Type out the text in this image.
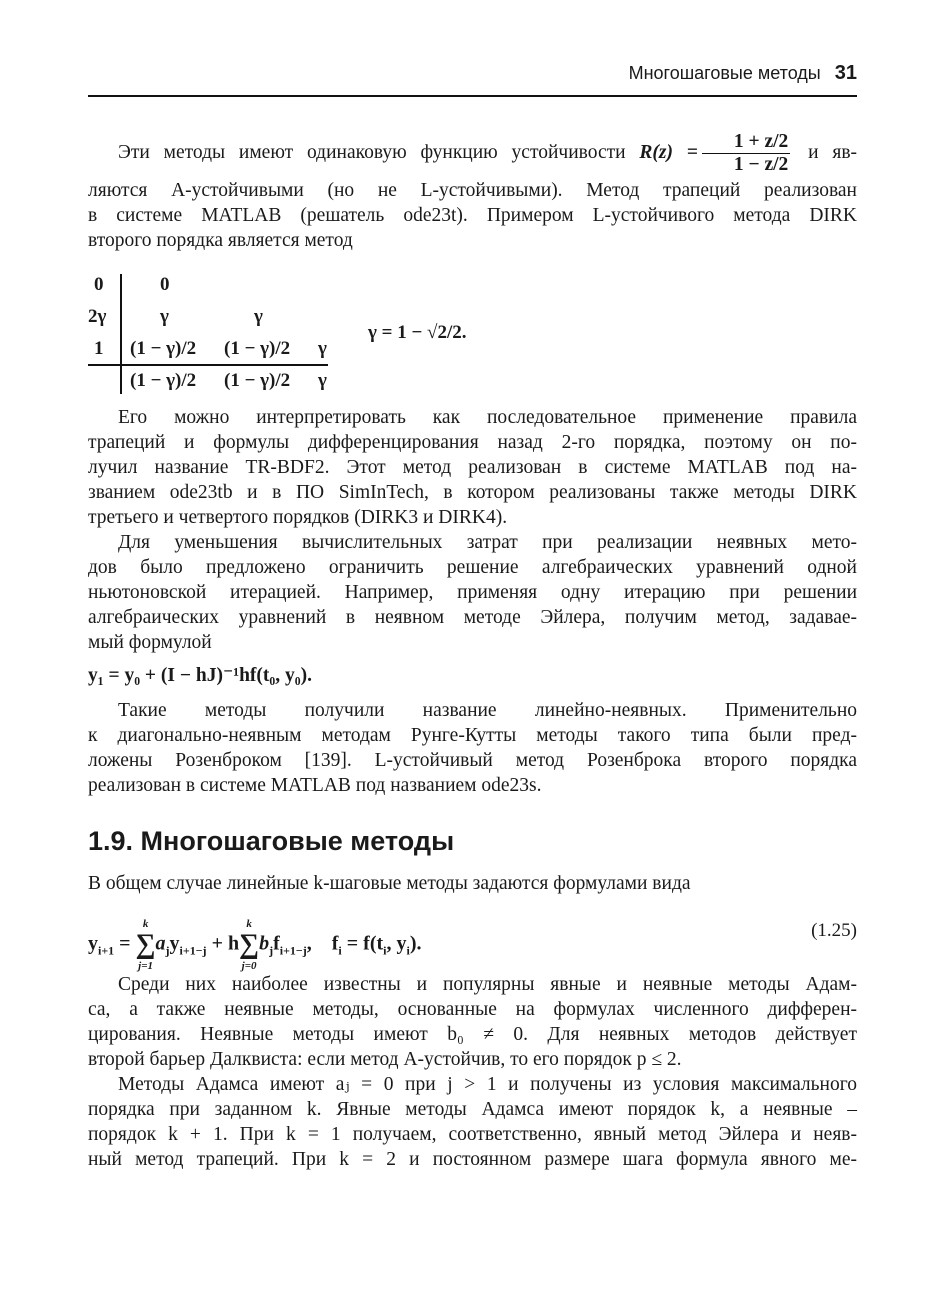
Многошаговые методы 31
Эти методы имеют одинаковую функцию устойчивости $R(z) = \frac{1 + z/2}{1 - z/2}$ и яв-
ляются A-устойчивыми (но не L-устойчивыми). Метод трапеций реализован
в системе MATLAB (решатель ode23t). Примером L-устойчивого метода DIRK
второго порядка является метод
0
2γ
1
0
γ	γ
(1 − γ)/2 (1 − γ)/2 γ
(1 − γ)/2 (1 − γ)/2 γ
γ = 1 − √2/2.
Его можно интерпретировать как последовательное применение правила
трапеций и формулы дифференцирования назад 2-го порядка, поэтому он по-
лучил название TR-BDF2. Этот метод реализован в системе MATLAB под на-
званием ode23tb и в ПО SimInTech, в котором реализованы также методы DIRK
третьего и четвертого порядков (DIRK3 и DIRK4).
Для уменьшения вычислительных затрат при реализации неявных мето-
дов было предложено ограничить решение алгебраических уравнений одной
ньютоновской итерацией. Например, применяя одну итерацию при решении
алгебраических уравнений в неявном методе Эйлера, получим метод, задавае-
мый формулой
y₁ = y₀ + (I − hJ)⁻¹hf(t₀, y₀).
Такие методы получили название линейно-неявных. Применительно
к диагонально-неявным методам Рунге-Кутты методы такого типа были пред-
ложены Розенброком [139]. L-устойчивый метод Розенброка второго порядка
реализован в системе MATLAB под названием ode23s.
1.9. Многошаговые методы
В общем случае линейные k-шаговые методы задаются формулами вида
$y_{i+1}$ =
k
∑
j=1
$a_jy_{i+1-j} + h$
k
∑
j=0
$b_jf_{i+1-j}$,    $f_i = f(t_i$, $y_i$).
(1.25)
Среди них наиболее известны и популярны явные и неявные методы Адам-
са, а также неявные методы, основанные на формулах численного дифферен-
цирования. Неявные методы имеют b₀ ≠ 0. Для неявных методов действует
второй барьер Далквиста: если метод A-устойчив, то его порядок p ≤ 2.
Методы Адамса имеют aⱼ = 0 при j > 1 и получены из условия максимального
порядка при заданном k. Явные методы Адамса имеют порядок k, а неявные –
порядок k + 1. При k = 1 получаем, соответственно, явный метод Эйлера и неяв-
ный метод трапеций. При k = 2 и постоянном размере шага формула явного ме-
